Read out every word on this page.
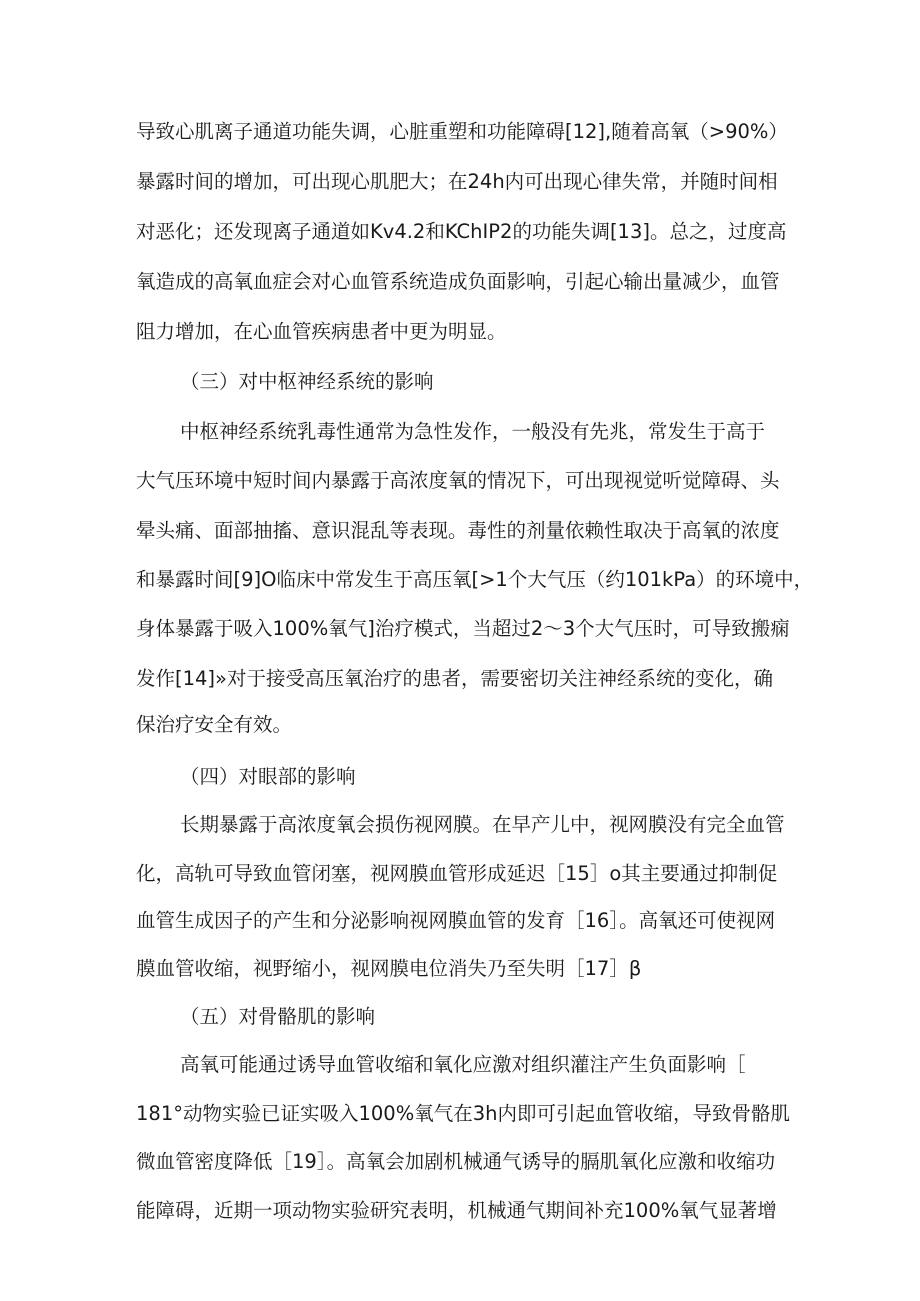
导致心肌离子通道功能失调，心脏重塑和功能障碍[12],随着高氧（>90%）
暴露时间的增加，可出现心肌肥大；在24h内可出现心律失常，并随时间相
对恶化；还发现离子通道如Kv4.2和KChIP2的功能失调[13]。总之，过度高
氧造成的高氧血症会对心血管系统造成负面影响，引起心输出量减少，血管
阻力增加，在心血管疾病患者中更为明显。
（三）对中枢神经系统的影响
中枢神经系统乳毒性通常为急性发作，一般没有先兆，常发生于高于
大气压环境中短时间内暴露于高浓度氧的情况下，可出现视觉听觉障碍、头
晕头痛、面部抽搐、意识混乱等表现。毒性的剂量依赖性取决于高氧的浓度
和暴露时间[9]O临床中常发生于高压氧[>1个大气压（约101kPa）的环境中，
身体暴露于吸入100%氧气]治疗模式，当超过2〜3个大气压时，可导致搬痫
发作[14]»对于接受高压氧治疗的患者，需要密切关注神经系统的变化，确
保治疗安全有效。
（四）对眼部的影响
长期暴露于高浓度氧会损伤视网膜。在早产儿中，视网膜没有完全血管
化，高轨可导致血管闭塞，视网膜血管形成延迟［15］o其主要通过抑制促
血管生成因子的产生和分泌影响视网膜血管的发育［16］。高氧还可使视网
膜血管收缩，视野缩小，视网膜电位消失乃至失明［17］β
（五）对骨骼肌的影响
高氧可能通过诱导血管收缩和氧化应激对组织灌注产生负面影响［
181°动物实验已证实吸入100%氧气在3h内即可引起血管收缩，导致骨骼肌
微血管密度降低［19］。高氧会加剧机械通气诱导的膈肌氧化应激和收缩功
能障碍，近期一项动物实验研究表明，机械通气期间补充100%氧气显著增
